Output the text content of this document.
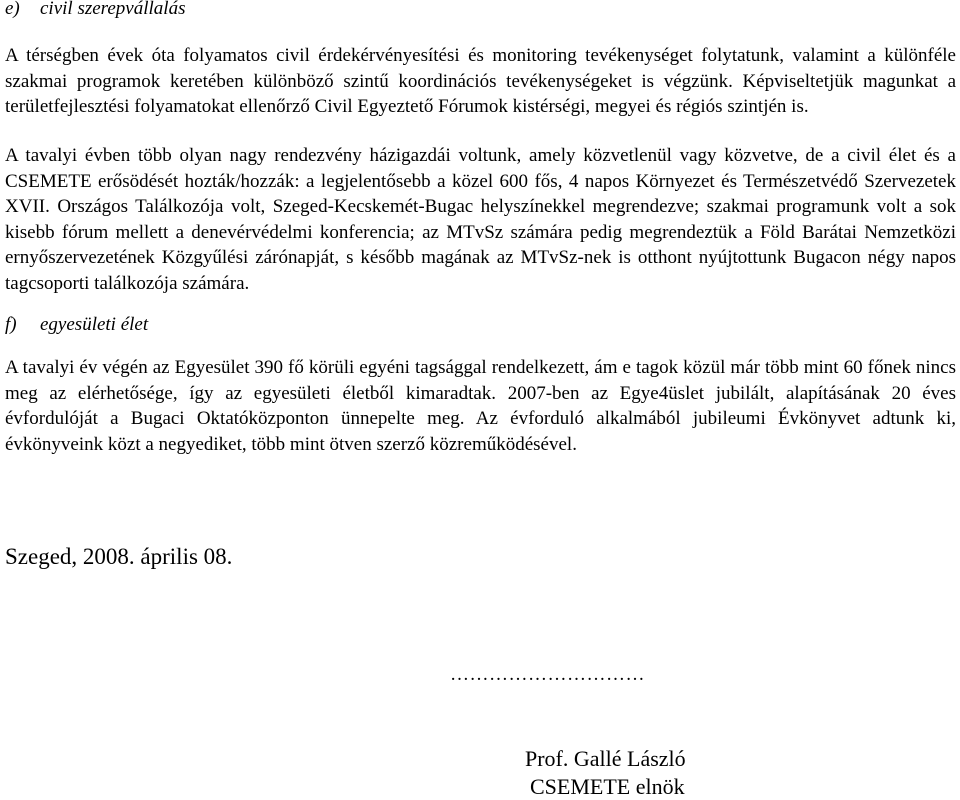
e) civil szerepvállalás

A térségben évek óta folyamatos civil érdekérvényesítési és monitoring tevékenységet folytatunk, valamint a különféle szakmai programok keretében különböző szintű koordinációs tevékenységeket is végzünk. Képviseltetjük magunkat a területfejlesztési folyamatokat ellenőrző Civil Egyeztető Fórumok kistérségi, megyei és régiós szintjén is.

A tavalyi évben több olyan nagy rendezvény házigazdái voltunk, amely közvetlenül vagy közvetve, de a civil élet és a CSEMETE erősödését hozták/hozzák: a legjelentősebb a közel 600 fős, 4 napos Környezet és Természetvédő Szervezetek XVII. Országos Találkozója volt, Szeged-Kecskemét-Bugac helyszínekkel megrendezve; szakmai programunk volt a sok kisebb fórum mellett a denevérvédelmi konferencia; az MTvSz számára pedig megrendeztük a Föld Barátai Nemzetközi ernyőszervezetének Közgyűlési zárónapját, s később magának az MTvSz-nek is otthont nyújtottunk Bugacon négy napos tagcsoporti találkozója számára.

f) egyesületi élet

A tavalyi év végén az Egyesület 390 fő körüli egyéni tagsággal rendelkezett, ám e tagok közül már több mint 60 főnek nincs meg az elérhetősége, így az egyesületi életből kimaradtak. 2007-ben az Egye4üslet jubilált, alapításának 20 éves évfordulóját a Bugaci Oktatóközponton ünnepelte meg. Az évforduló alkalmából jubileumi Évkönyvet adtunk ki, évkönyveink közt a negyediket, több mint ötven szerző közreműködésével.

Szeged, 2008. április 08.
…………………………
Prof. Gallé László
CSEMETE elnök
